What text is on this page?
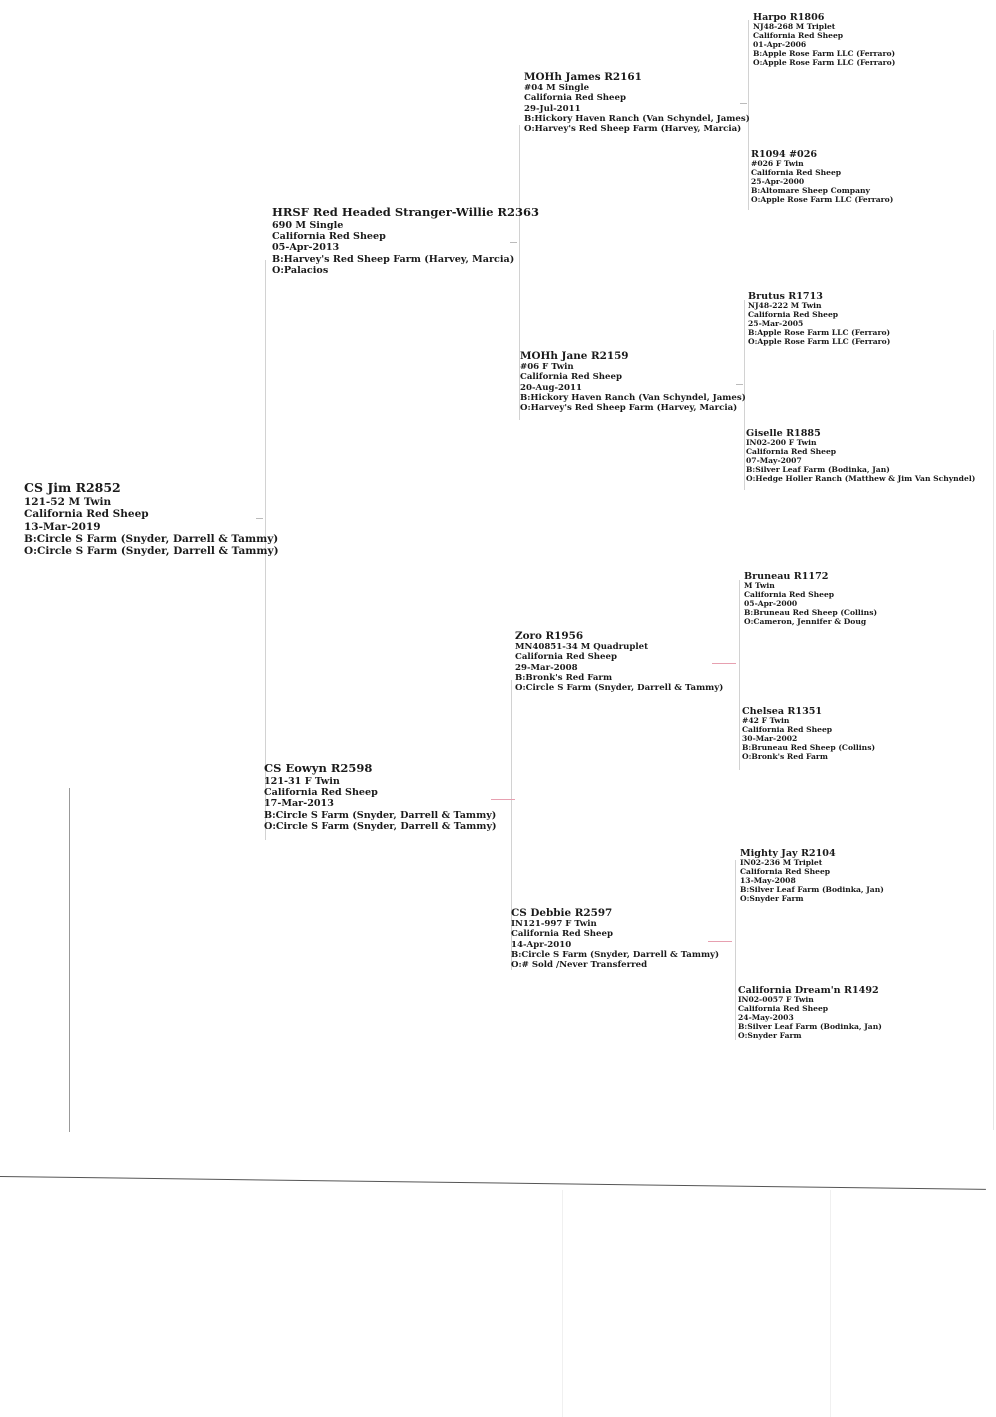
CS Jim R2852
121-52 M Twin
California Red Sheep
13-Mar-2019
B:Circle S Farm (Snyder, Darrell & Tammy)
O:Circle S Farm (Snyder, Darrell & Tammy)
HRSF Red Headed Stranger-Willie R2363
690 M Single
California Red Sheep
05-Apr-2013
B:Harvey's Red Sheep Farm (Harvey, Marcia)
O:Palacios
CS Eowyn R2598
121-31 F Twin
California Red Sheep
17-Mar-2013
B:Circle S Farm (Snyder, Darrell & Tammy)
O:Circle S Farm (Snyder, Darrell & Tammy)
MOHh James R2161
#04 M Single
California Red Sheep
29-Jul-2011
B:Hickory Haven Ranch (Van Schyndel, James)
O:Harvey's Red Sheep Farm (Harvey, Marcia)
MOHh Jane R2159
#06 F Twin
California Red Sheep
20-Aug-2011
B:Hickory Haven Ranch (Van Schyndel, James)
O:Harvey's Red Sheep Farm (Harvey, Marcia)
Zoro R1956
MN40851-34 M Quadruplet
California Red Sheep
29-Mar-2008
B:Bronk's Red Farm
O:Circle S Farm (Snyder, Darrell & Tammy)
CS Debbie R2597
IN121-997 F Twin
California Red Sheep
14-Apr-2010
B:Circle S Farm (Snyder, Darrell & Tammy)
O:# Sold /Never Transferred
Harpo R1806
NJ48-268 M Triplet
California Red Sheep
01-Apr-2006
B:Apple Rose Farm LLC (Ferraro)
O:Apple Rose Farm LLC (Ferraro)
R1094 #026
#026 F Twin
California Red Sheep
25-Apr-2000
B:Altomare Sheep Company
O:Apple Rose Farm LLC (Ferraro)
Brutus R1713
NJ48-222 M Twin
California Red Sheep
25-Mar-2005
B:Apple Rose Farm LLC (Ferraro)
O:Apple Rose Farm LLC (Ferraro)
Giselle R1885
IN02-200 F Twin
California Red Sheep
07-May-2007
B:Silver Leaf Farm (Bodinka, Jan)
O:Hedge Holler Ranch (Matthew & Jim Van Schyndel)
Bruneau R1172
M Twin
California Red Sheep
05-Apr-2000
B:Bruneau Red Sheep (Collins)
O:Cameron, Jennifer & Doug
Chelsea R1351
#42 F Twin
California Red Sheep
30-Mar-2002
B:Bruneau Red Sheep (Collins)
O:Bronk's Red Farm
Mighty Jay R2104
IN02-236 M Triplet
California Red Sheep
13-May-2008
B:Silver Leaf Farm (Bodinka, Jan)
O:Snyder Farm
California Dream'n R1492
IN02-0057 F Twin
California Red Sheep
24-May-2003
B:Silver Leaf Farm (Bodinka, Jan)
O:Snyder Farm
